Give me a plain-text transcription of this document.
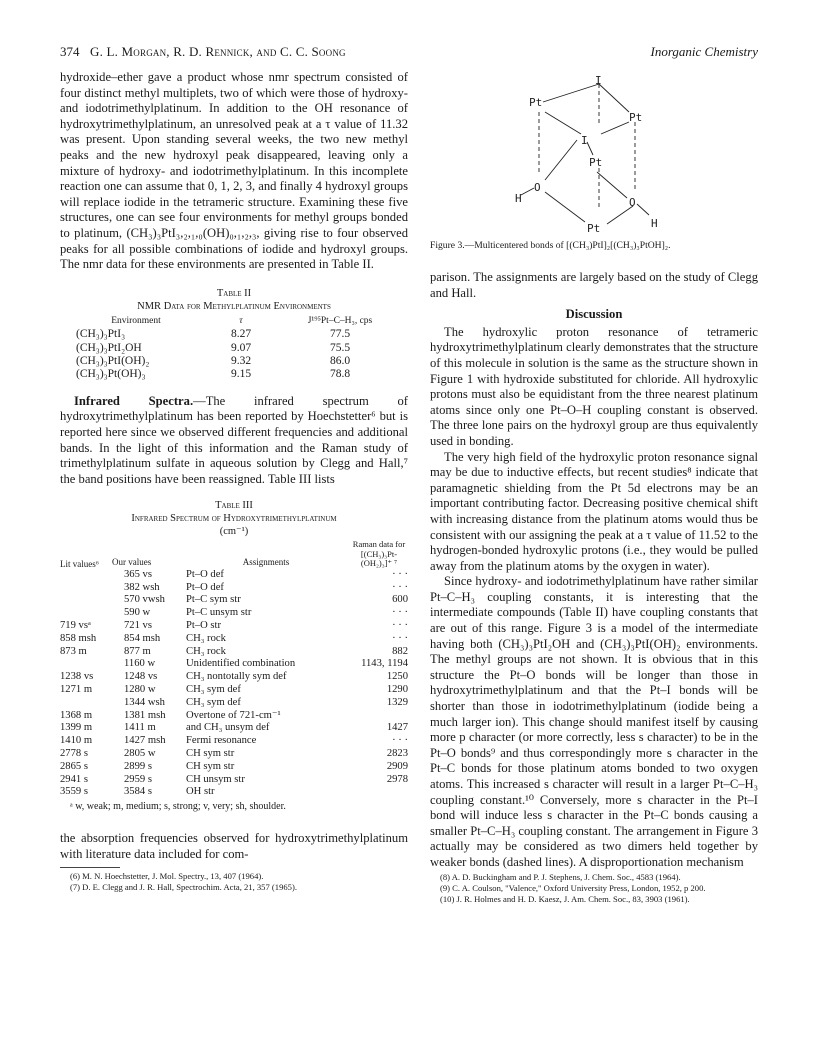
374 G. L. Morgan, R. D. Rennick, and C. C. Soong	Inorganic Chemistry

hydroxide–ether gave a product whose nmr spectrum consisted of four distinct methyl multiplets, two of which were those of hydroxy- and iodotrimethylplatinum. In addition to the OH resonance of hydroxytrimethylplatinum, an unresolved peak at a τ value of 11.32 was present. Upon standing several weeks, the two new methyl peaks and the new hydroxyl peak disappeared, leaving only a mixture of hydroxy- and iodotrimethylplatinum. In this incomplete reaction one can assume that 0, 1, 2, 3, and finally 4 hydroxyl groups will replace iodide in the tetrameric structure. Examining these five structures, one can see four environments for methyl groups bonded to platinum, (CH₃)₃PtI₃,₂,₁,₀(OH)₀,₁,₂,₃, giving rise to four observed peaks for all possible combinations of iodide and hydroxyl groups. The nmr data for these environments are presented in Table II.

Table II
NMR Data for Methylplatinum Environments
Environment	τ	J¹⁹⁵Pt–C–H₃, cps
(CH₃)₃PtI₃	8.27	77.5
(CH₃)₃PtI₂OH	9.07	75.5
(CH₃)₃PtI(OH)₂	9.32	86.0
(CH₃)₃Pt(OH)₃	9.15	78.8

Infrared Spectra.—The infrared spectrum of hydroxytrimethylplatinum has been reported by Hoechstetter⁶ but is reported here since we observed different frequencies and additional bands. In the light of this information and the Raman study of trimethylplatinum sulfate in aqueous solution by Clegg and Hall,⁷ the band positions have been reassigned. Table III lists

Table III
Infrared Spectrum of Hydroxytrimethylplatinum
(cm⁻¹)
Lit values⁶	Our values	Assignments	Raman data for [(CH₃)₃Pt-(OH₂)₃]⁺ ⁷
	365 vs	Pt–O def	· · ·
	382 wsh	Pt–O def	· · ·
	570 vwsh	Pt–C sym str	600
	590 w	Pt–C unsym str	· · ·
719 vsᵃ	721 vs	Pt–O str	· · ·
858 msh	854 msh	CH₃ rock	· · ·
873 m	877 m	CH₃ rock	882
	1160 w	Unidentified combination	1143, 1194
1238 vs	1248 vs	CH₃ nontotally sym def	1250
1271 m	1280 w	CH₃ sym def	1290
	1344 wsh	CH₃ sym def	1329
1368 m	1381 msh	Overtone of 721-cm⁻¹	
1399 m	1411 m	and CH₃ unsym def	1427
1410 m	1427 msh	Fermi resonance	· · ·
2778 s	2805 w	CH sym str	2823
2865 s	2899 s	CH sym str	2909
2941 s	2959 s	CH unsym str	2978
3559 s	3584 s	OH str	
ᵃ w, weak; m, medium; s, strong; v, very; sh, shoulder.

the absorption frequencies observed for hydroxytrimethylplatinum with literature data included for com-

(6) M. N. Hoechstetter, J. Mol. Spectry., 13, 407 (1964).
(7) D. E. Clegg and J. R. Hall, Spectrochim. Acta, 21, 357 (1965).
I
Pt
Pt
I
Pt
O
O
Pt
H
H
Figure 3.—Multicentered bonds of [(CH₃)PtI]₂[(CH₃)₃PtOH]₂.

parison. The assignments are largely based on the study of Clegg and Hall.

Discussion

The hydroxylic proton resonance of tetrameric hydroxytrimethylplatinum clearly demonstrates that the structure of this molecule in solution is the same as the structure shown in Figure 1 with hydroxide substituted for chloride. All hydroxylic protons must also be equidistant from the three nearest platinum atoms since only one Pt–O–H coupling constant is observed. The three lone pairs on the hydroxyl group are thus equivalently used in bonding.

The very high field of the hydroxylic proton resonance signal may be due to inductive effects, but recent studies⁸ indicate that paramagnetic shielding from the Pt 5d electrons may be an important contributing factor. Decreasing positive chemical shift with increasing distance from the platinum atoms would thus be consistent with our assigning the peak at a τ value of 11.52 to the hydrogen-bonded hydroxylic protons (i.e., they would be pulled away from the platinum atoms by the oxygen in water).

Since hydroxy- and iodotrimethylplatinum have rather similar Pt–C–H₃ coupling constants, it is interesting that the intermediate compounds (Table II) have coupling constants that are out of this range. Figure 3 is a model of the intermediate having both (CH₃)₃PtI₂OH and (CH₃)₃PtI(OH)₂ environments. The methyl groups are not shown. It is obvious that in this structure the Pt–O bonds will be longer than those in hydroxytrimethylplatinum and that the Pt–I bonds will be shorter than those in iodotrimethylplatinum (iodide being a much larger ion). This change should manifest itself by causing more p character (or more correctly, less s character) to be in the Pt–O bonds⁹ and thus correspondingly more s character in the Pt–C bonds for those platinum atoms bonded to two oxygen atoms. This increased s character will result in a larger Pt–C–H₃ coupling constant.¹⁰ Conversely, more s character in the Pt–I bond will induce less s character in the Pt–C bonds causing a smaller Pt–C–H₃ coupling constant. The arrangement in Figure 3 actually may be considered as two dimers held together by weaker bonds (dashed lines). A disproportionation mechanism

(8) A. D. Buckingham and P. J. Stephens, J. Chem. Soc., 4583 (1964).
(9) C. A. Coulson, "Valence," Oxford University Press, London, 1952, p 200.
(10) J. R. Holmes and H. D. Kaesz, J. Am. Chem. Soc., 83, 3903 (1961).
